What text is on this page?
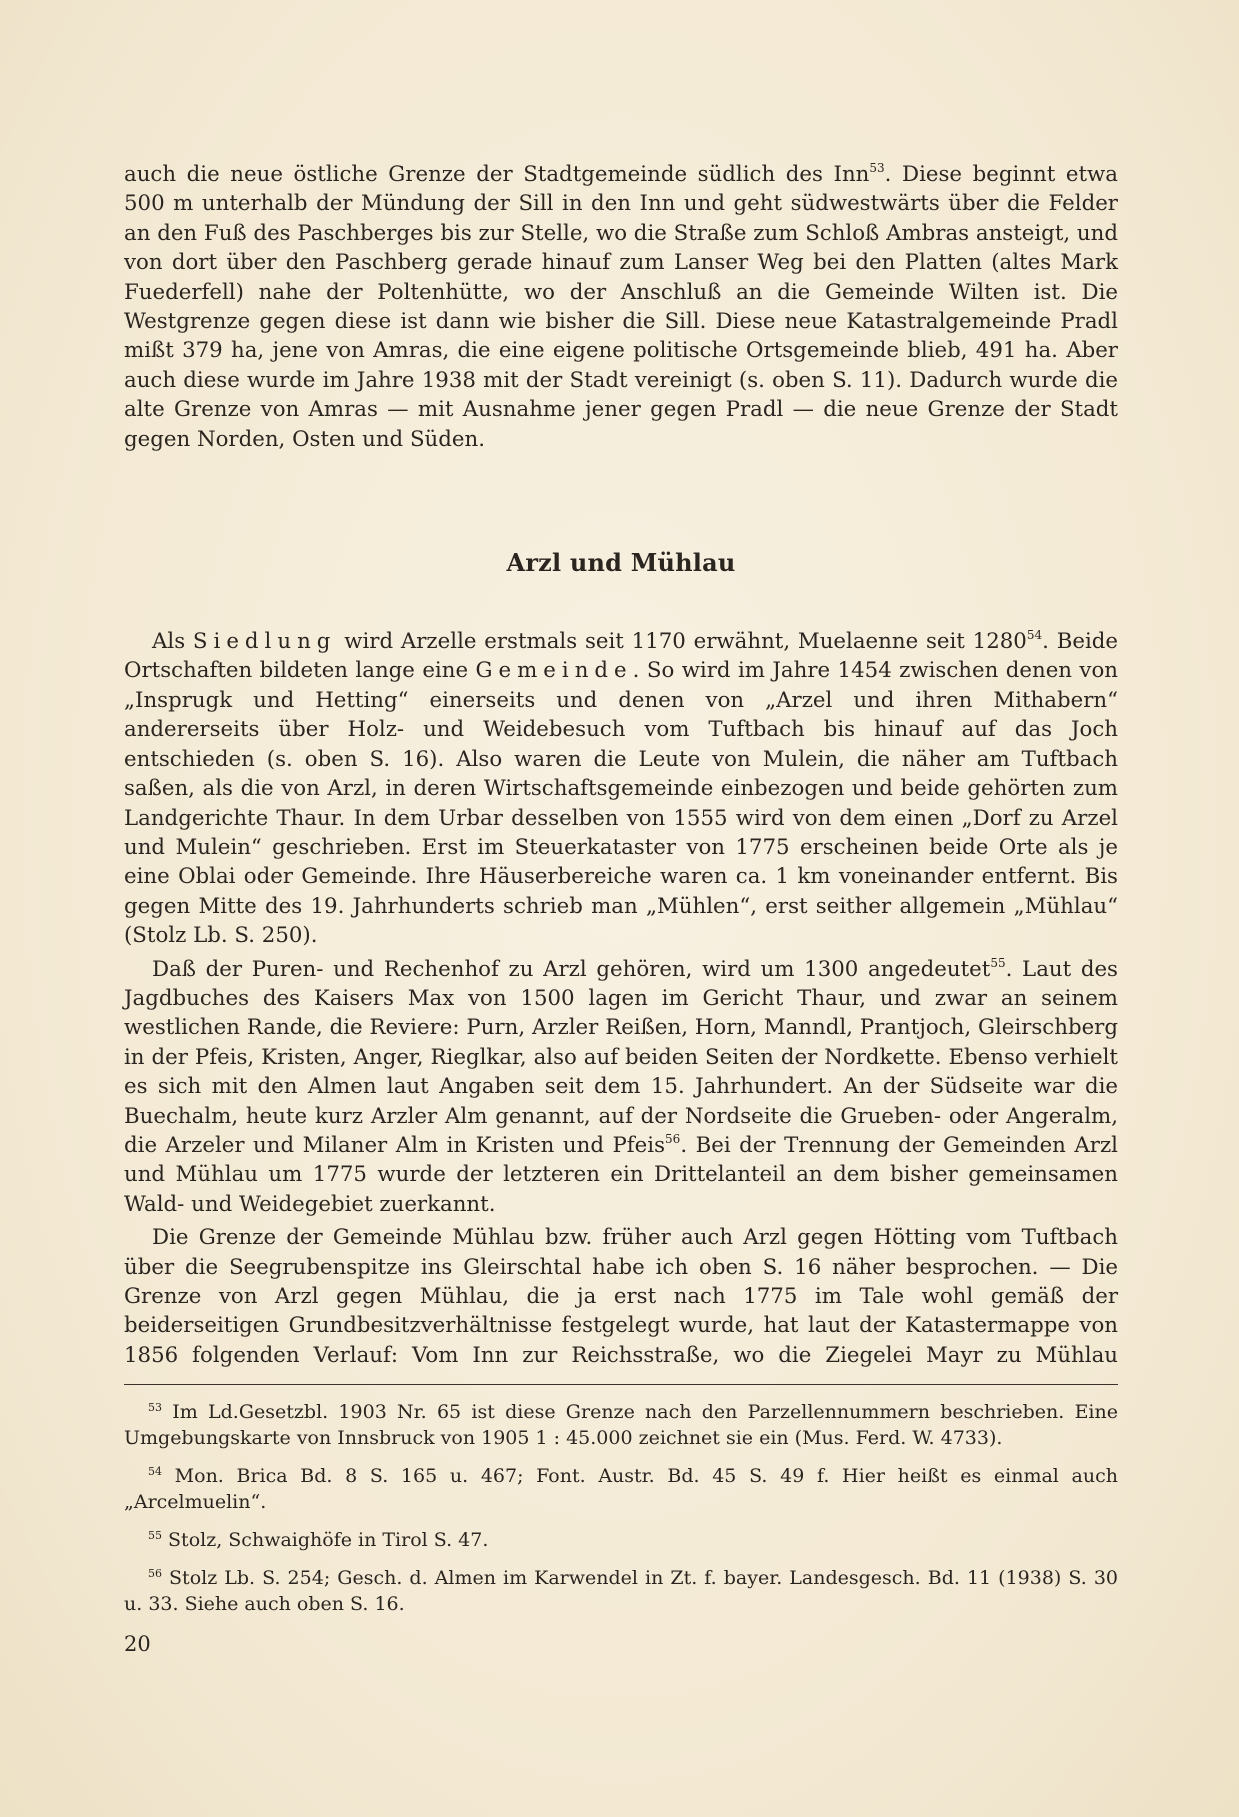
auch die neue östliche Grenze der Stadtgemeinde südlich des Inn$^{53}$. Diese beginnt etwa 500 m unterhalb der Mündung der Sill in den Inn und geht südwestwärts über die Felder an den Fuß des Paschberges bis zur Stelle, wo die Straße zum Schloß Ambras ansteigt, und von dort über den Paschberg gerade hinauf zum Lanser Weg bei den Platten (altes Mark Fuederfell) nahe der Poltenhütte, wo der Anschluß an die Gemeinde Wilten ist. Die Westgrenze gegen diese ist dann wie bisher die Sill. Diese neue Katastralgemeinde Pradl mißt 379 ha, jene von Amras, die eine eigene politische Ortsgemeinde blieb, 491 ha. Aber auch diese wurde im Jahre 1938 mit der Stadt vereinigt (s. oben S. 11). Dadurch wurde die alte Grenze von Amras — mit Ausnahme jener gegen Pradl — die neue Grenze der Stadt gegen Norden, Osten und Süden.

Arzl und Mühlau

Als Siedlung wird Arzelle erstmals seit 1170 erwähnt, Muelaenne seit 1280$^{54}$. Beide Ortschaften bildeten lange eine Gemeinde. So wird im Jahre 1454 zwischen denen von „Insprugk und Hetting“ einerseits und denen von „Arzel und ihren Mithabern“ andererseits über Holz- und Weidebesuch vom Tuftbach bis hinauf auf das Joch entschieden (s. oben S. 16). Also waren die Leute von Mulein, die näher am Tuftbach saßen, als die von Arzl, in deren Wirtschaftsgemeinde einbezogen und beide gehörten zum Landgerichte Thaur. In dem Urbar desselben von 1555 wird von dem einen „Dorf zu Arzel und Mulein“ geschrieben. Erst im Steuerkataster von 1775 erscheinen beide Orte als je eine Oblai oder Gemeinde. Ihre Häuserbereiche waren ca. 1 km voneinander entfernt. Bis gegen Mitte des 19. Jahrhunderts schrieb man „Mühlen“, erst seither allgemein „Mühlau“ (Stolz Lb. S. 250).

Daß der Puren- und Rechenhof zu Arzl gehören, wird um 1300 angedeutet$^{55}$. Laut des Jagdbuches des Kaisers Max von 1500 lagen im Gericht Thaur, und zwar an seinem westlichen Rande, die Reviere: Purn, Arzler Reißen, Horn, Manndl, Prantjoch, Gleirschberg in der Pfeis, Kristen, Anger, Rieglkar, also auf beiden Seiten der Nordkette. Ebenso verhielt es sich mit den Almen laut Angaben seit dem 15. Jahrhundert. An der Südseite war die Buechalm, heute kurz Arzler Alm genannt, auf der Nordseite die Grueben- oder Angeralm, die Arzeler und Milaner Alm in Kristen und Pfeis$^{56}$. Bei der Trennung der Gemeinden Arzl und Mühlau um 1775 wurde der letzteren ein Drittelanteil an dem bisher gemeinsamen Wald- und Weidegebiet zuerkannt.

Die Grenze der Gemeinde Mühlau bzw. früher auch Arzl gegen Hötting vom Tuftbach über die Seegrubenspitze ins Gleirschtal habe ich oben S. 16 näher besprochen. — Die Grenze von Arzl gegen Mühlau, die ja erst nach 1775 im Tale wohl gemäß der beiderseitigen Grundbesitzverhältnisse festgelegt wurde, hat laut der Katastermappe von 1856 folgenden Verlauf: Vom Inn zur Reichsstraße, wo die Ziegelei Mayr zu Mühlau

$^{53}$ Im Ld.Gesetzbl. 1903 Nr. 65 ist diese Grenze nach den Parzellennummern beschrieben. Eine Umgebungskarte von Innsbruck von 1905 1 : 45.000 zeichnet sie ein (Mus. Ferd. W. 4733).

$^{54}$ Mon. Brica Bd. 8 S. 165 u. 467; Font. Austr. Bd. 45 S. 49 f. Hier heißt es einmal auch „Arcelmuelin“.

$^{55}$ Stolz, Schwaighöfe in Tirol S. 47.

$^{56}$ Stolz Lb. S. 254; Gesch. d. Almen im Karwendel in Zt. f. bayer. Landesgesch. Bd. 11 (1938) S. 30 u. 33. Siehe auch oben S. 16.

20
